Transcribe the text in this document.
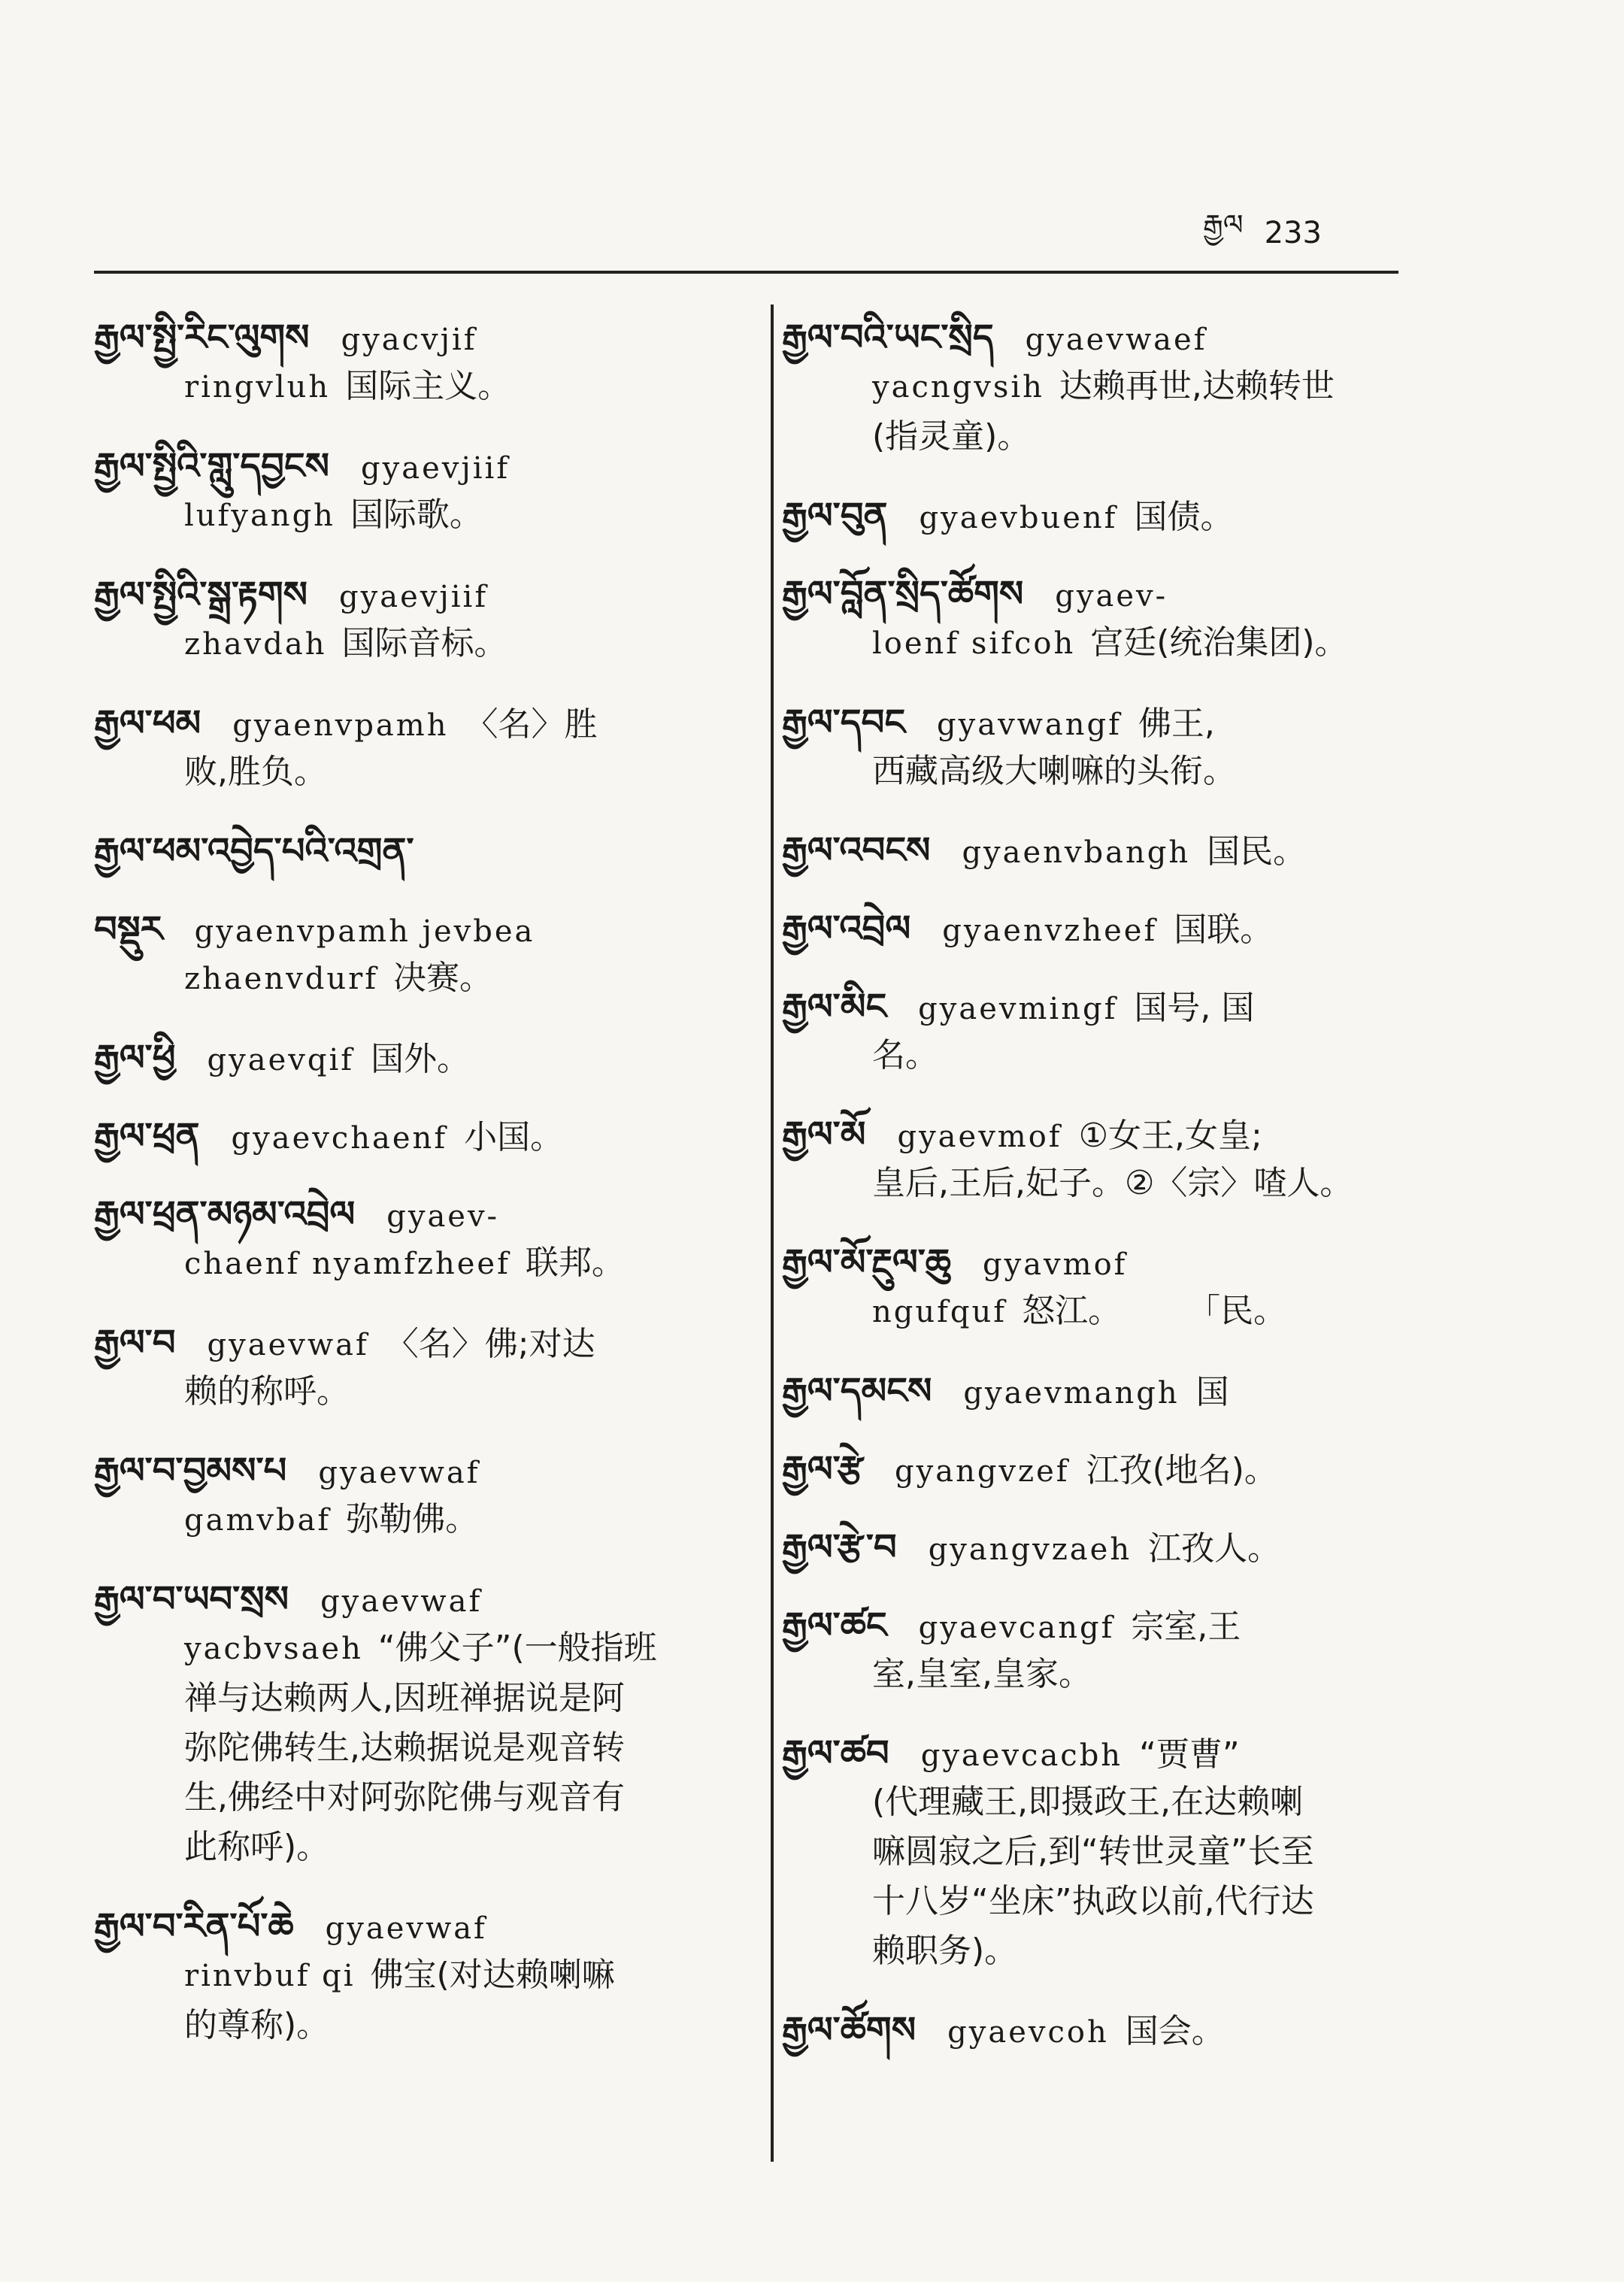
རྒྱལ 233
རྒྱལ་སྤྱི་རིང་ལུགས gyacvjif
ringvluh 国际主义。
རྒྱལ་སྤྱིའི་གླུ་དབྱངས gyaevjiif
lufyangh 国际歌。
རྒྱལ་སྤྱིའི་སྒྲ་རྟགས gyaevjiif
zhavdah 国际音标。
རྒྱལ་ཕམ gyaenvpamh 〈名〉胜
败,胜负。
རྒྱལ་ཕམ་འབྱེད་པའི་འགྲན་
བསྡུར gyaenvpamh jevbea
zhaenvdurf 决赛。
རྒྱལ་ཕྱི gyaevqif 国外。
རྒྱལ་ཕྲན gyaevchaenf 小国。
རྒྱལ་ཕྲན་མཉམ་འབྲེལ gyaev-
chaenf nyamfzheef 联邦。
རྒྱལ་བ gyaevwaf 〈名〉佛;对达
赖的称呼。
རྒྱལ་བ་བྱམས་པ gyaevwaf
gamvbaf 弥勒佛。
རྒྱལ་བ་ཡབ་སྲས gyaevwaf
yacbvsaeh “佛父子”(一般指班
禅与达赖两人,因班禅据说是阿
弥陀佛转生,达赖据说是观音转
生,佛经中对阿弥陀佛与观音有
此称呼)。
རྒྱལ་བ་རིན་པོ་ཆེ gyaevwaf
rinvbuf qi 佛宝(对达赖喇嘛
的尊称)。
རྒྱལ་བའི་ཡང་སྲིད gyaevwaef
yacngvsih 达赖再世,达赖转世
(指灵童)。
རྒྱལ་བུན gyaevbuenf 国债。
རྒྱལ་བློན་སྲིད་ཚོགས gyaev-
loenf sifcoh 宫廷(统治集团)。
རྒྱལ་དབང gyavwangf 佛王,
西藏高级大喇嘛的头衔。
རྒྱལ་འབངས gyaenvbangh 国民。
རྒྱལ་འབྲེལ gyaenvzheef 国联。
རྒྱལ་མིང gyaevmingf 国号, 国
名。
རྒྱལ་མོ gyaevmof ①女王,女皇;
皇后,王后,妃子。②〈宗〉喳人。
རྒྱལ་མོ་རྔུལ་ཆུ gyavmof
ngufquf 怒江。　　　「民。
རྒྱལ་དམངས gyaevmangh 国
རྒྱལ་རྩེ gyangvzef 江孜(地名)。
རྒྱལ་རྩེ་བ gyangvzaeh 江孜人。
རྒྱལ་ཚང gyaevcangf 宗室,王
室,皇室,皇家。
རྒྱལ་ཚབ gyaevcacbh “贾曹”
(代理藏王,即摄政王,在达赖喇
嘛圆寂之后,到“转世灵童”长至
十八岁“坐床”执政以前,代行达
赖职务)。
རྒྱལ་ཚོགས gyaevcoh 国会。
